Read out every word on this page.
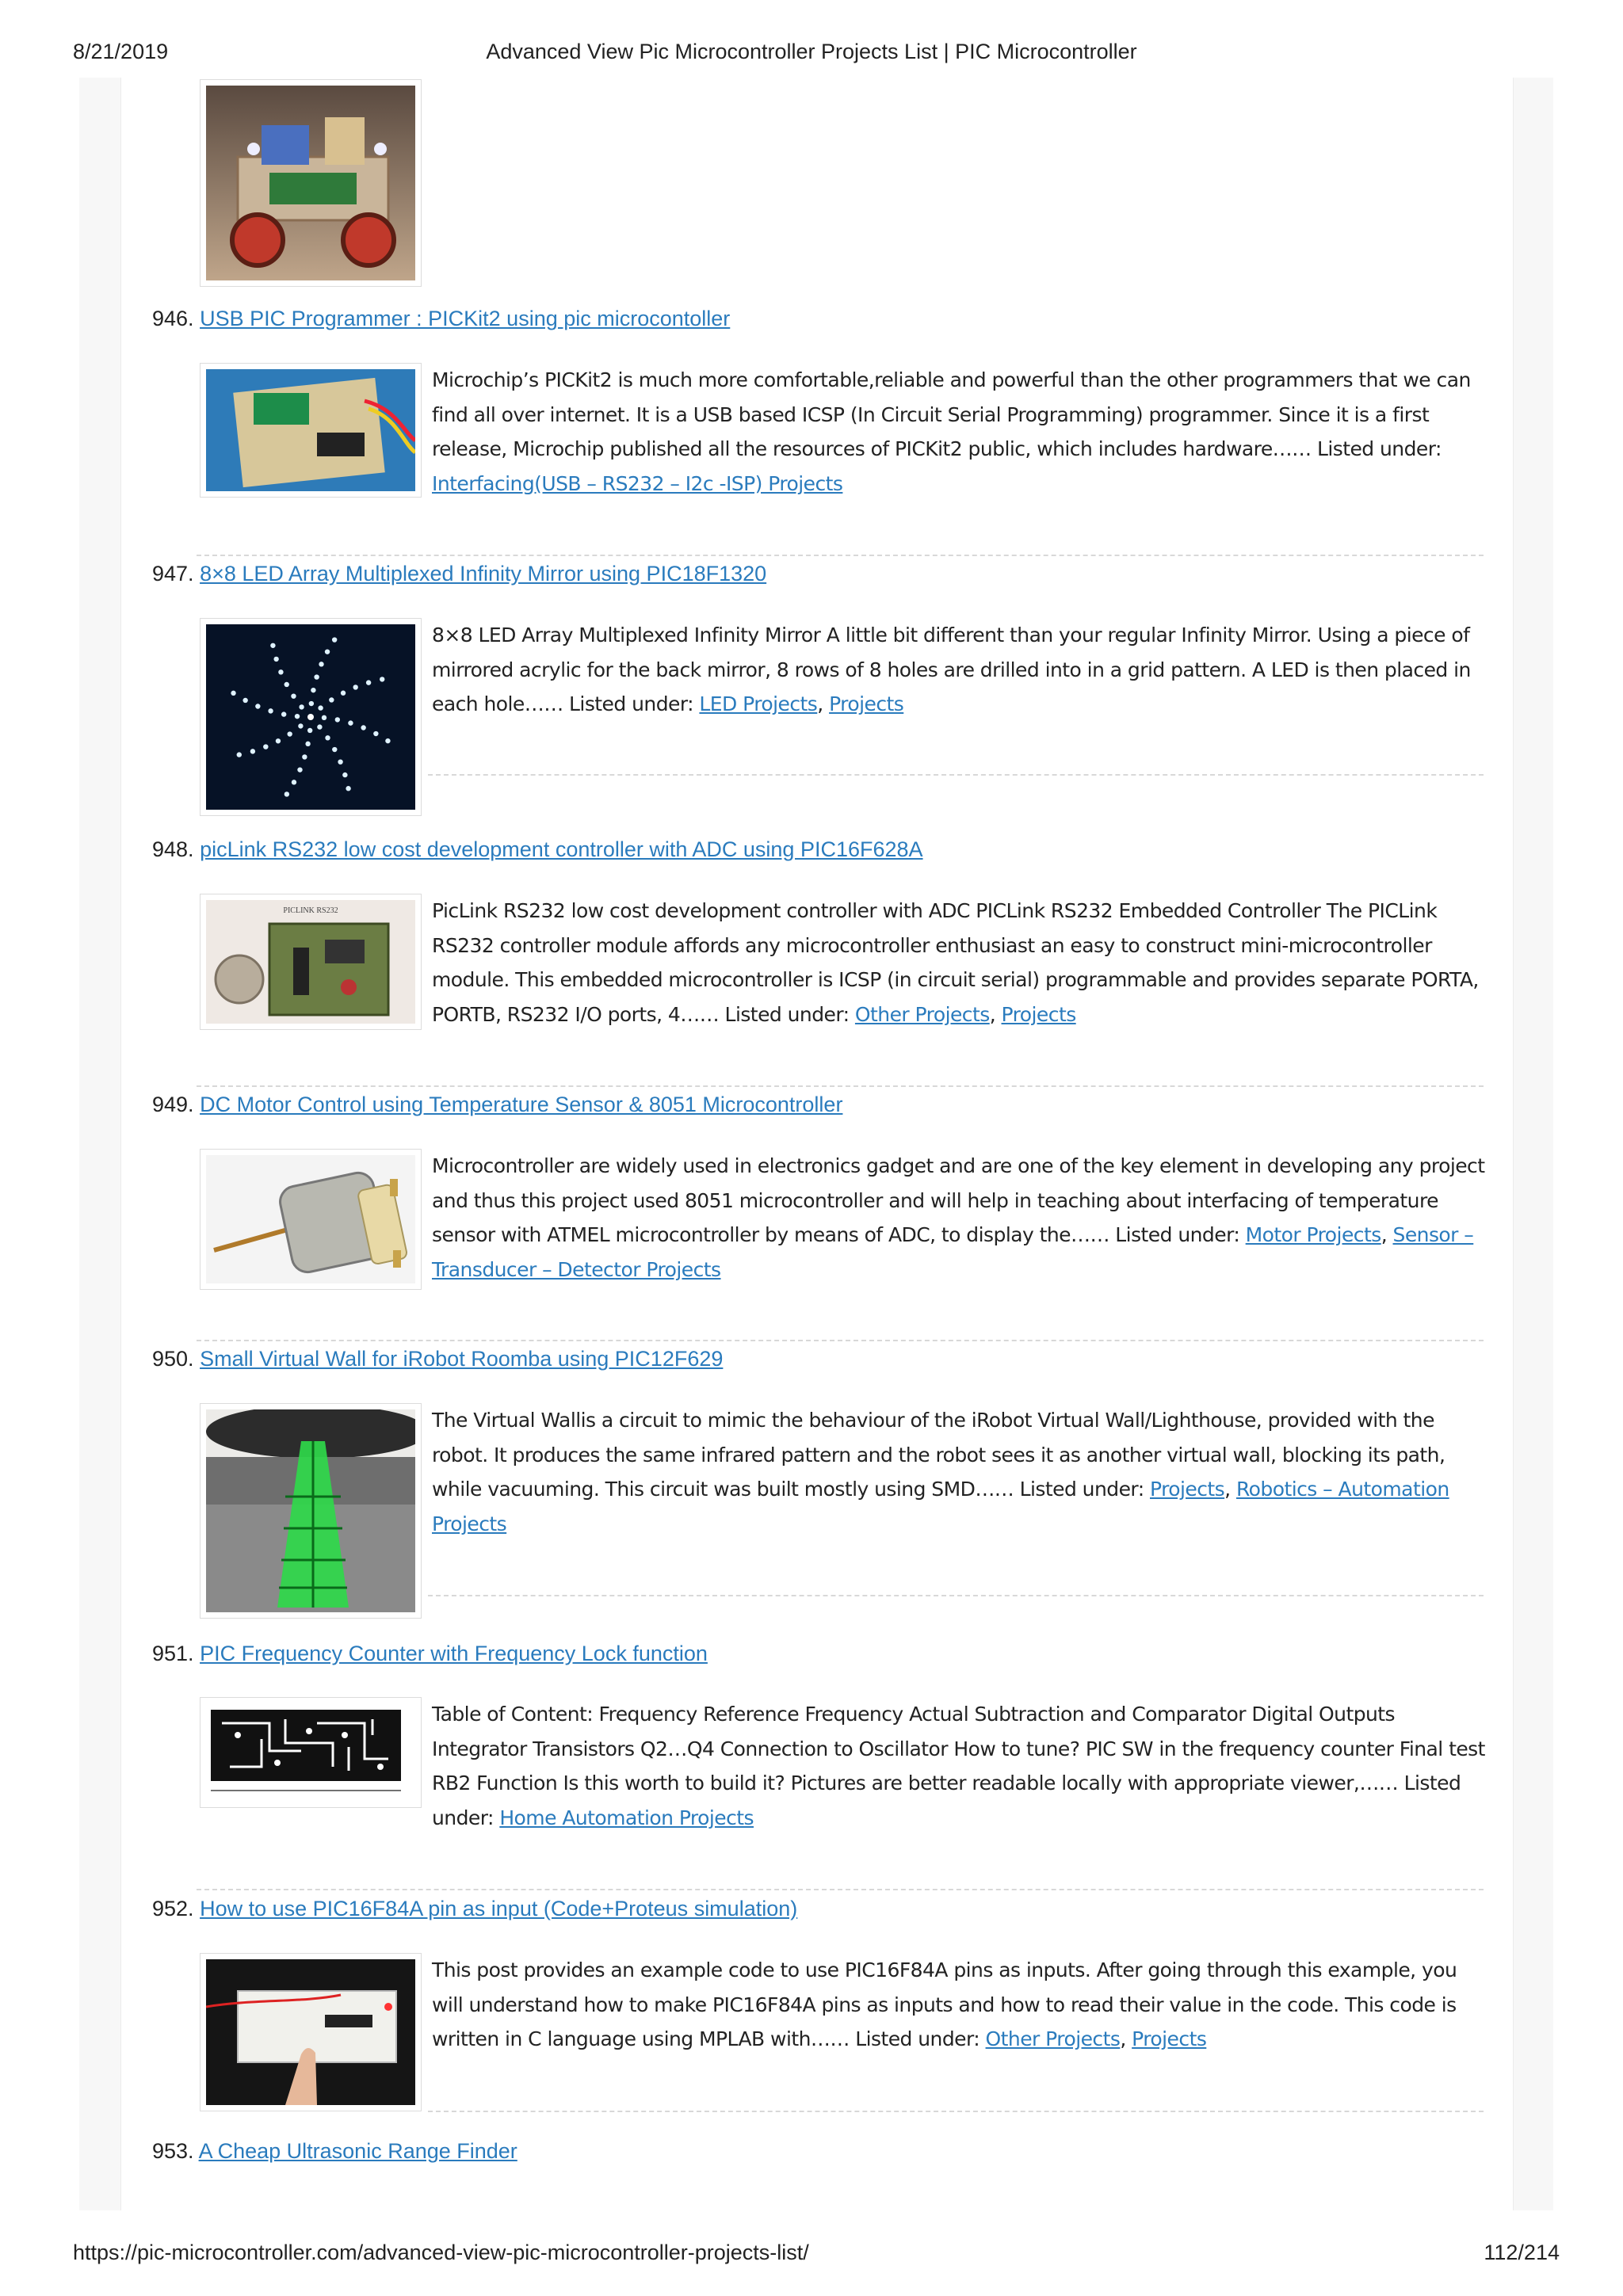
8/21/2019	Advanced View Pic Microcontroller Projects List | PIC Microcontroller
946. USB PIC Programmer : PICKit2 using pic microcontoller
Microchip’s PICKit2 is much more comfortable,reliable and powerful than the other programmers that we can find all over internet. It is a USB based ICSP (In Circuit Serial Programming) programmer. Since it is a first release, Microchip published all the resources of PICKit2 public, which includes hardware…… Listed under: Interfacing(USB – RS232 – I2c -ISP) Projects
947. 8×8 LED Array Multiplexed Infinity Mirror using PIC18F1320
8×8 LED Array Multiplexed Infinity Mirror A little bit different than your regular Infinity Mirror. Using a piece of mirrored acrylic for the back mirror, 8 rows of 8 holes are drilled into in a grid pattern. A LED is then placed in each hole…… Listed under: LED Projects, Projects
948. picLink RS232 low cost development controller with ADC using PIC16F628A
PICLINK RS232	PicLink RS232 low cost development controller with ADC PICLink RS232 Embedded Controller The PICLink RS232 controller module affords any microcontroller enthusiast an easy to construct mini-microcontroller module. This embedded microcontroller is ICSP (in circuit serial) programmable and provides separate PORTA, PORTB, RS232 I/O ports, 4…… Listed under: Other Projects, Projects
949. DC Motor Control using Temperature Sensor & 8051 Microcontroller
Microcontroller are widely used in electronics gadget and are one of the key element in developing any project and thus this project used 8051 microcontroller and will help in teaching about interfacing of temperature sensor with ATMEL microcontroller by means of ADC, to display the…… Listed under: Motor Projects, Sensor – Transducer – Detector Projects
950. Small Virtual Wall for iRobot Roomba using PIC12F629
The Virtual Wallis a circuit to mimic the behaviour of the iRobot Virtual Wall/Lighthouse, provided with the robot. It produces the same infrared pattern and the robot sees it as another virtual wall, blocking its path, while vacuuming. This circuit was built mostly using SMD…… Listed under: Projects, Robotics – Automation Projects
951. PIC Frequency Counter with Frequency Lock function
Table of Content: Frequency Reference Frequency Actual Subtraction and Comparator Digital Outputs Integrator Transistors Q2…Q4 Connection to Oscillator How to tune? PIC SW in the frequency counter Final test RB2 Function Is this worth to build it? Pictures are better readable locally with appropriate viewer,…… Listed under: Home Automation Projects
952. How to use PIC16F84A pin as input (Code+Proteus simulation)
This post provides an example code to use PIC16F84A pins as inputs. After going through this example, you will understand how to make PIC16F84A pins as inputs and how to read their value in the code. This code is written in C language using MPLAB with…… Listed under: Other Projects, Projects
953. A Cheap Ultrasonic Range Finder
https://pic-microcontroller.com/advanced-view-pic-microcontroller-projects-list/	112/214
